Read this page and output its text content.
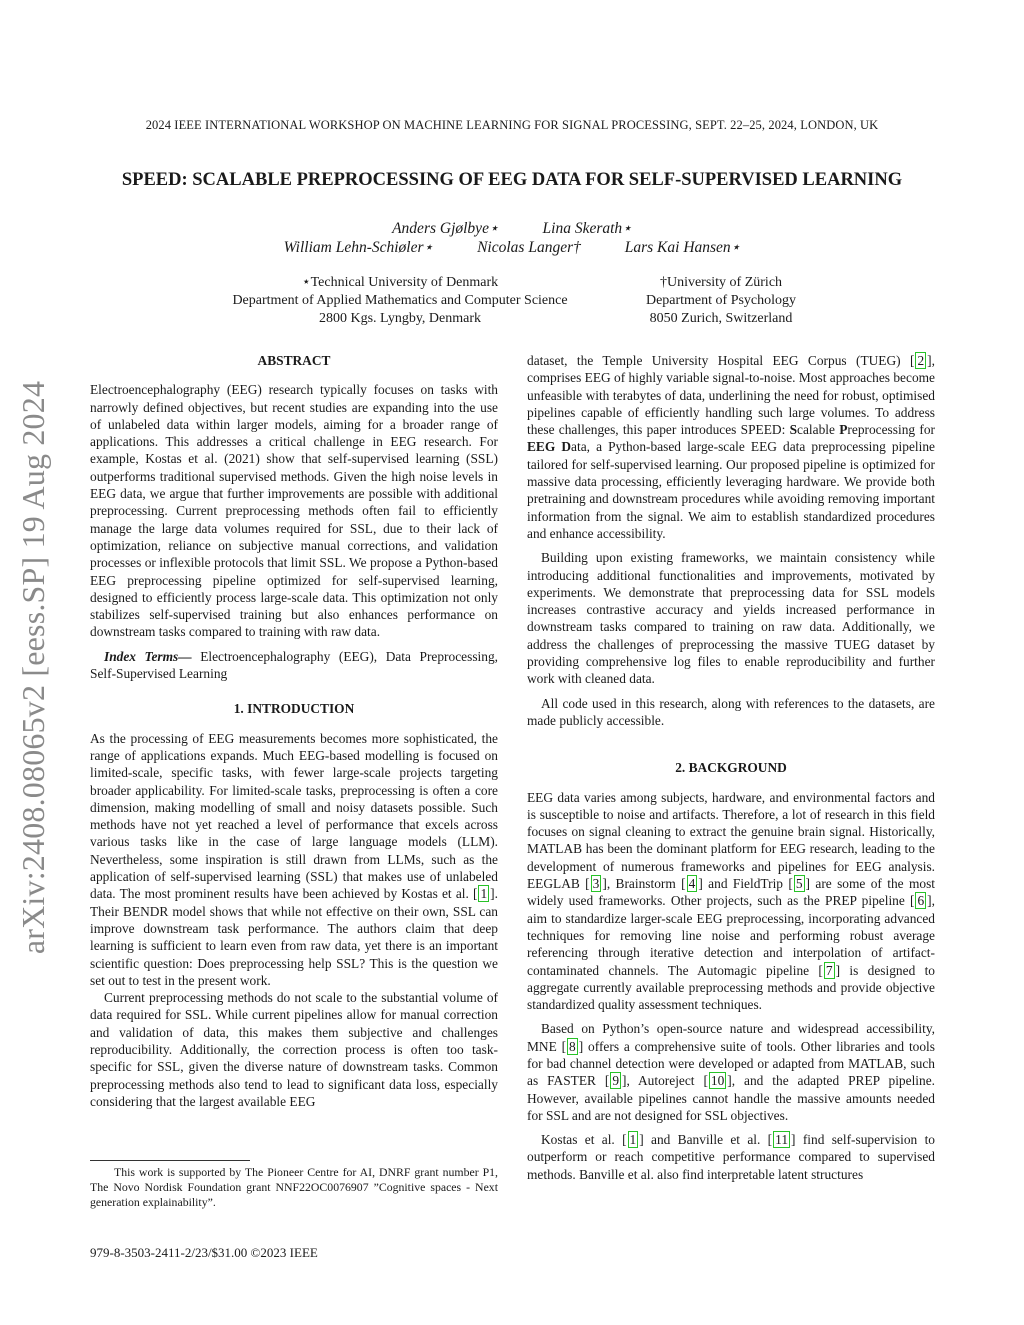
arXiv:2408.08065v2 [eess.SP] 19 Aug 2024
2024 IEEE INTERNATIONAL WORKSHOP ON MACHINE LEARNING FOR SIGNAL PROCESSING, SEPT. 22–25, 2024, LONDON, UK
SPEED: SCALABLE PREPROCESSING OF EEG DATA FOR SELF-SUPERVISED LEARNING
Anders Gjølbye⋆	Lina Skerath⋆
William Lehn-Schiøler⋆	Nicolas Langer†	Lars Kai Hansen⋆
⋆Technical University of Denmark
Department of Applied Mathematics and Computer Science
2800 Kgs. Lyngby, Denmark
†University of Zürich
Department of Psychology
8050 Zurich, Switzerland
ABSTRACT

Electroencephalography (EEG) research typically focuses on tasks with narrowly defined objectives, but recent studies are expanding into the use of unlabeled data within larger models, aiming for a broader range of applications. This addresses a critical challenge in EEG research. For example, Kostas et al. (2021) show that self-supervised learning (SSL) outperforms traditional supervised methods. Given the high noise levels in EEG data, we argue that further improvements are possible with additional preprocessing. Current preprocessing methods often fail to efficiently manage the large data volumes required for SSL, due to their lack of optimization, reliance on subjective manual corrections, and validation processes or inflexible protocols that limit SSL. We propose a Python-based EEG preprocessing pipeline optimized for self-supervised learning, designed to efficiently process large-scale data. This optimization not only stabilizes self-supervised training but also enhances performance on downstream tasks compared to training with raw data.

Index Terms— Electroencephalography (EEG), Data Preprocessing, Self-Supervised Learning

1. INTRODUCTION

As the processing of EEG measurements becomes more sophisticated, the range of applications expands. Much EEG-based modelling is focused on limited-scale, specific tasks, with fewer large-scale projects targeting broader applicability. For limited-scale tasks, preprocessing is often a core dimension, making modelling of small and noisy datasets possible. Such methods have not yet reached a level of performance that excels across various tasks like in the case of large language models (LLM). Nevertheless, some inspiration is still drawn from LLMs, such as the application of self-supervised learning (SSL) that makes use of unlabeled data. The most prominent results have been achieved by Kostas et al. [ 1 ]. Their BENDR model shows that while not effective on their own, SSL can improve downstream task performance. The authors claim that deep learning is sufficient to learn even from raw data, yet there is an important scientific question: Does preprocessing help SSL? This is the question we set out to test in the present work.

Current preprocessing methods do not scale to the substantial volume of data required for SSL. While current pipelines allow for manual correction and validation of data, this makes them subjective and challenges reproducibility. Additionally, the correction process is often too task-specific for SSL, given the diverse nature of downstream tasks. Common preprocessing methods also tend to lead to significant data loss, especially considering that the largest available EEG

dataset, the Temple University Hospital EEG Corpus (TUEG) [ 2 ], comprises EEG of highly variable signal-to-noise. Most approaches become unfeasible with terabytes of data, underlining the need for robust, optimised pipelines capable of efficiently handling such large volumes. To address these challenges, this paper introduces SPEED: Scalable Preprocessing for EEG Data, a Python-based large-scale EEG data preprocessing pipeline tailored for self-supervised learning. Our proposed pipeline is optimized for massive data processing, efficiently leveraging hardware. We provide both pretraining and downstream procedures while avoiding removing important information from the signal. We aim to establish standardized procedures and enhance accessibility.

Building upon existing frameworks, we maintain consistency while introducing additional functionalities and improvements, motivated by experiments. We demonstrate that preprocessing data for SSL models increases contrastive accuracy and yields increased performance in downstream tasks compared to training on raw data. Additionally, we address the challenges of preprocessing the massive TUEG dataset by providing comprehensive log files to enable reproducibility and further work with cleaned data.

All code used in this research, along with references to the datasets, are made publicly accessible.

2. BACKGROUND

EEG data varies among subjects, hardware, and environmental factors and is susceptible to noise and artifacts. Therefore, a lot of research in this field focuses on signal cleaning to extract the genuine brain signal. Historically, MATLAB has been the dominant platform for EEG research, leading to the development of numerous frameworks and pipelines for EEG analysis. EEGLAB [ 3 ], Brainstorm [ 4 ] and FieldTrip [ 5 ] are some of the most widely used frameworks. Other projects, such as the PREP pipeline [ 6 ], aim to standardize larger-scale EEG preprocessing, incorporating advanced techniques for removing line noise and performing robust average referencing through iterative detection and interpolation of artifact-contaminated channels. The Automagic pipeline [ 7 ] is designed to aggregate currently available preprocessing methods and provide objective standardized quality assessment techniques.

Based on Python’s open-source nature and widespread accessibility, MNE [ 8 ] offers a comprehensive suite of tools. Other libraries and tools for bad channel detection were developed or adapted from MATLAB, such as FASTER [ 9 ], Autoreject [ 10 ], and the adapted PREP pipeline. However, available pipelines cannot handle the massive amounts needed for SSL and are not designed for SSL objectives.

Kostas et al. [ 1 ] and Banville et al. [ 11 ] find self-supervision to outperform or reach competitive performance compared to supervised methods. Banville et al. also find interpretable latent structures

This work is supported by The Pioneer Centre for AI, DNRF grant number P1, The Novo Nordisk Foundation grant NNF22OC0076907 ”Cognitive spaces - Next generation explainability”.
979-8-3503-2411-2/23/$31.00 ©2023 IEEE
